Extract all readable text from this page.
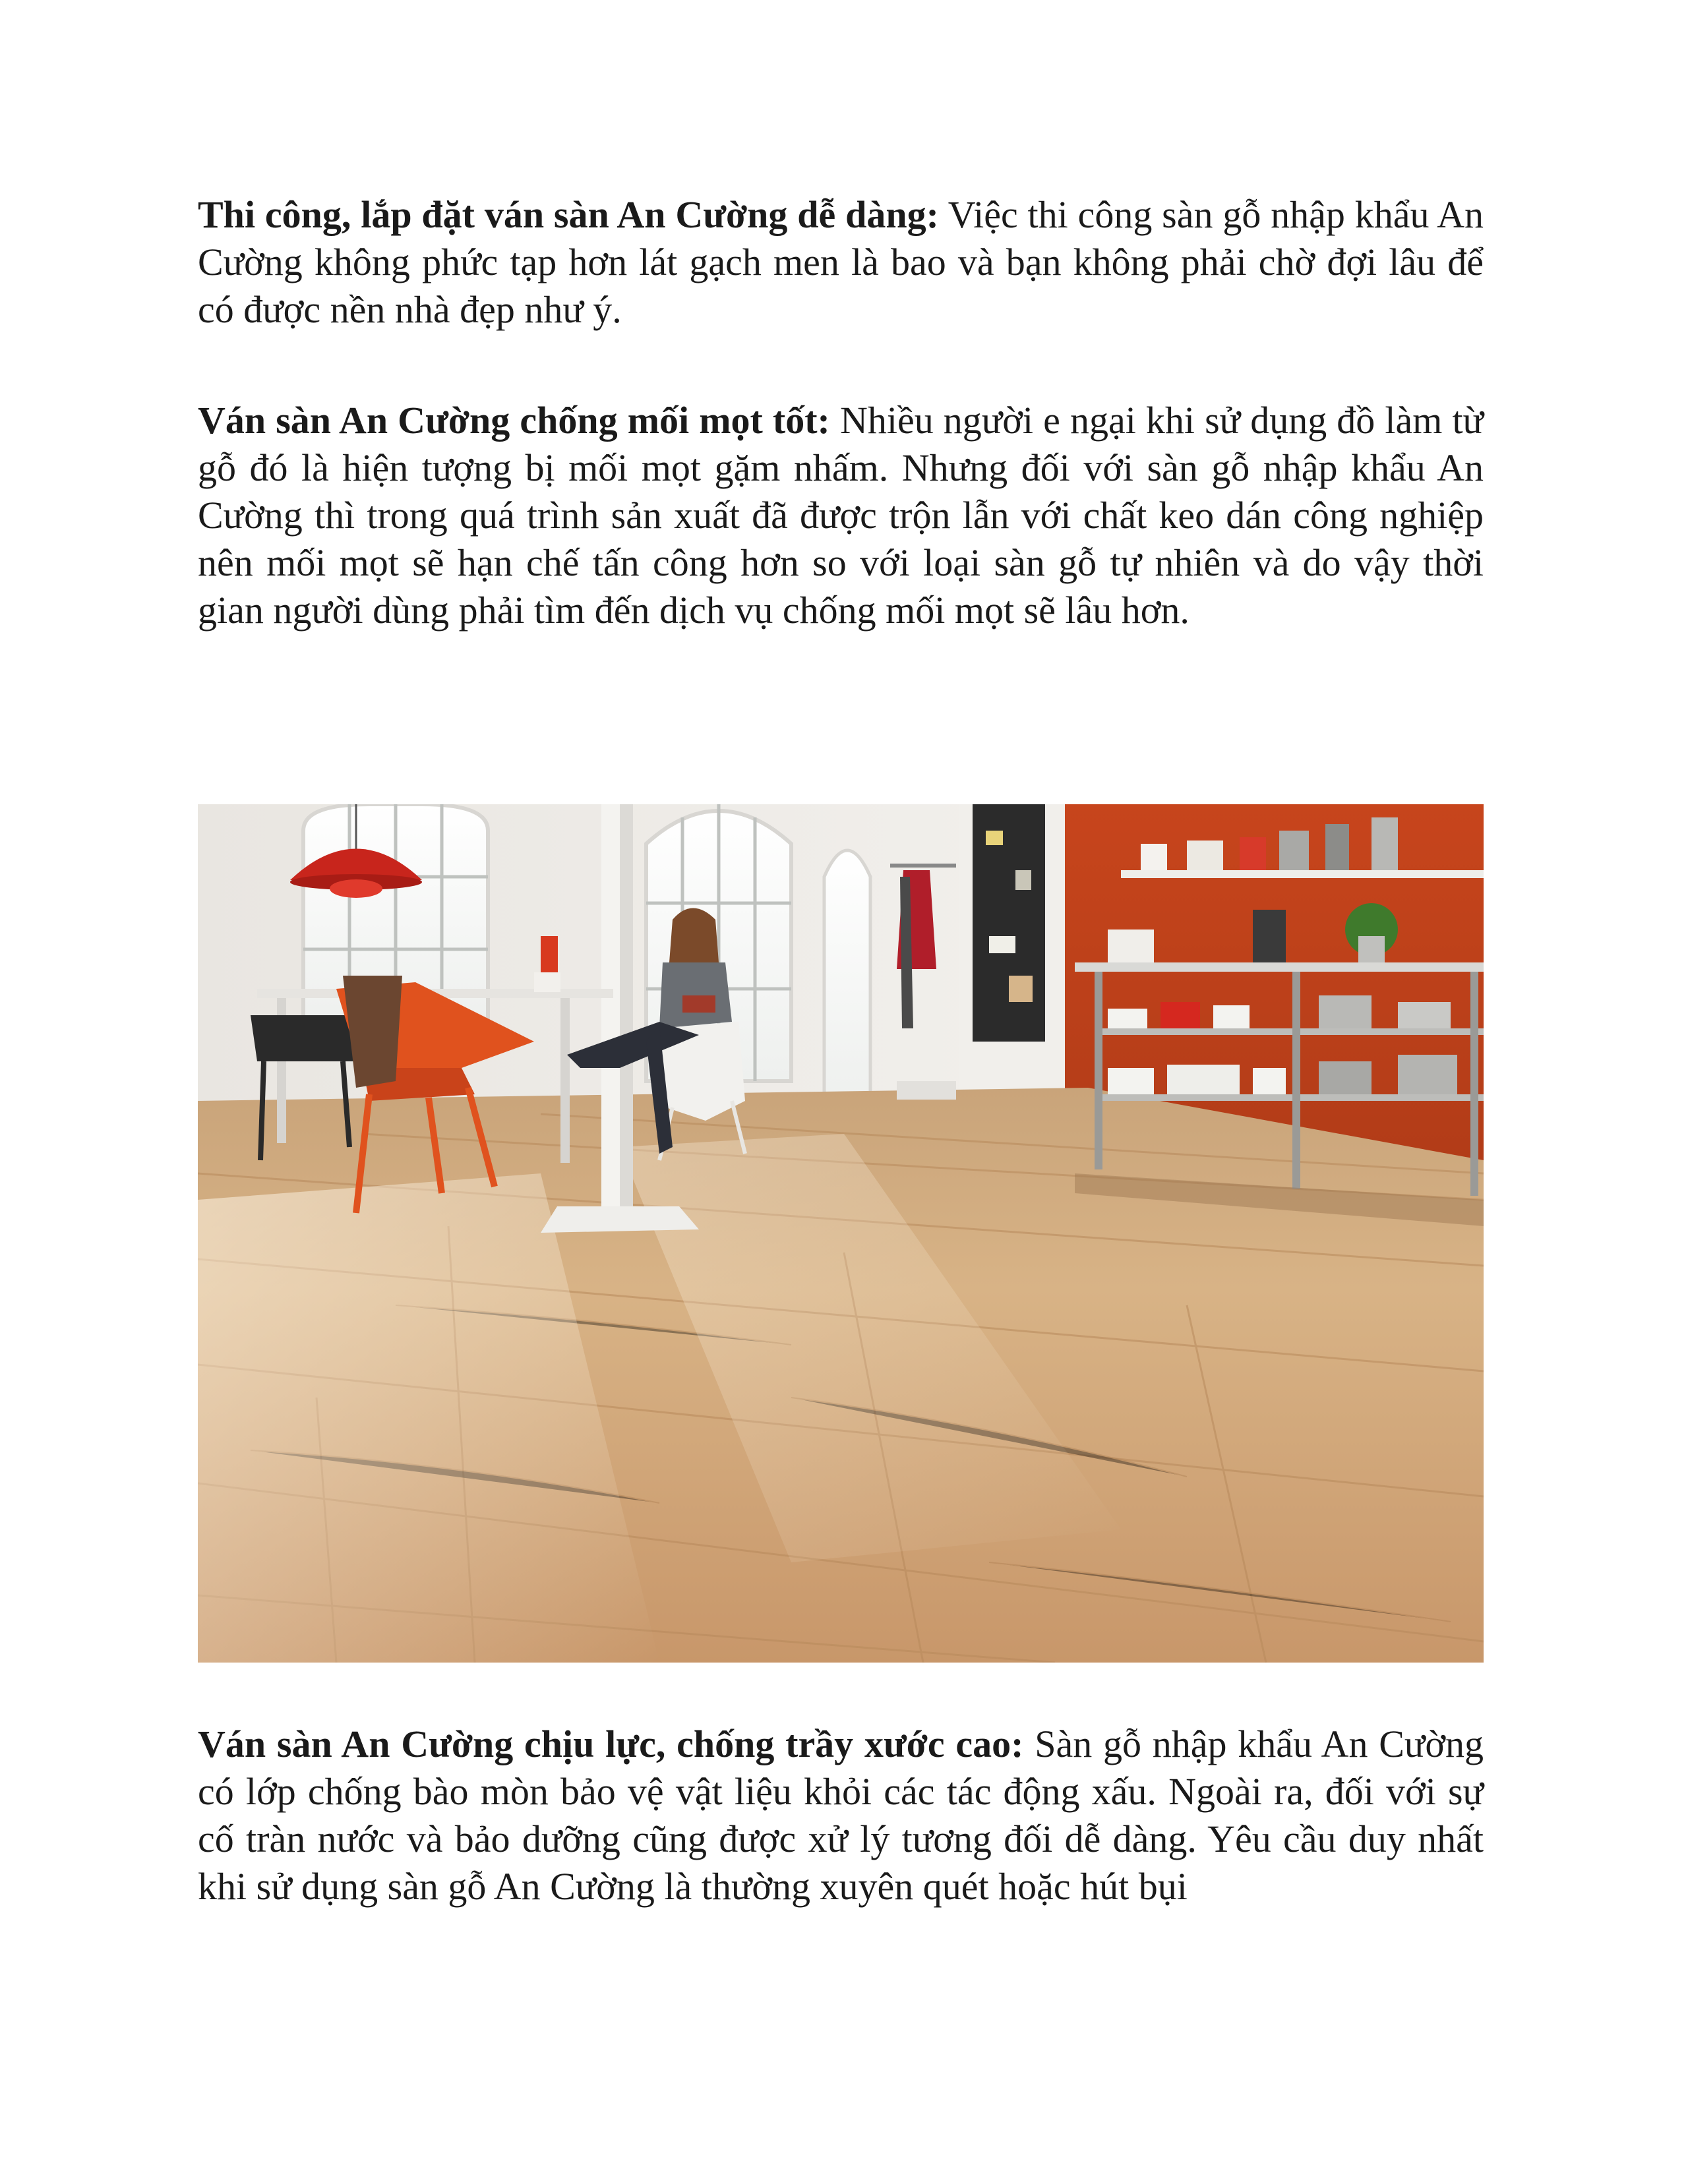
Thi công, lắp đặt ván sàn An Cường dễ dàng: Việc thi công sàn gỗ nhập khẩu An Cường không phức tạp hơn lát gạch men là bao và bạn không phải chờ đợi lâu để có được nền nhà đẹp như ý.

Ván sàn An Cường chống mối mọt tốt: Nhiều người e ngại khi sử dụng đồ làm từ gỗ đó là hiện tượng bị mối mọt gặm nhấm. Nhưng đối với sàn gỗ nhập khẩu An Cường thì trong quá trình sản xuất đã được trộn lẫn với chất keo dán công nghiệp nên mối mọt sẽ hạn chế tấn công hơn so với loại sàn gỗ tự nhiên và do vậy thời gian người dùng phải tìm đến dịch vụ chống mối mọt sẽ lâu hơn.

Ván sàn An Cường chịu lực, chống trầy xước cao: Sàn gỗ nhập khẩu An Cường có lớp chống bào mòn bảo vệ vật liệu khỏi các tác động xấu. Ngoài ra, đối với sự cố tràn nước và bảo dưỡng cũng được xử lý tương đối dễ dàng. Yêu cầu duy nhất khi sử dụng sàn gỗ An Cường là thường xuyên quét hoặc hút bụi
